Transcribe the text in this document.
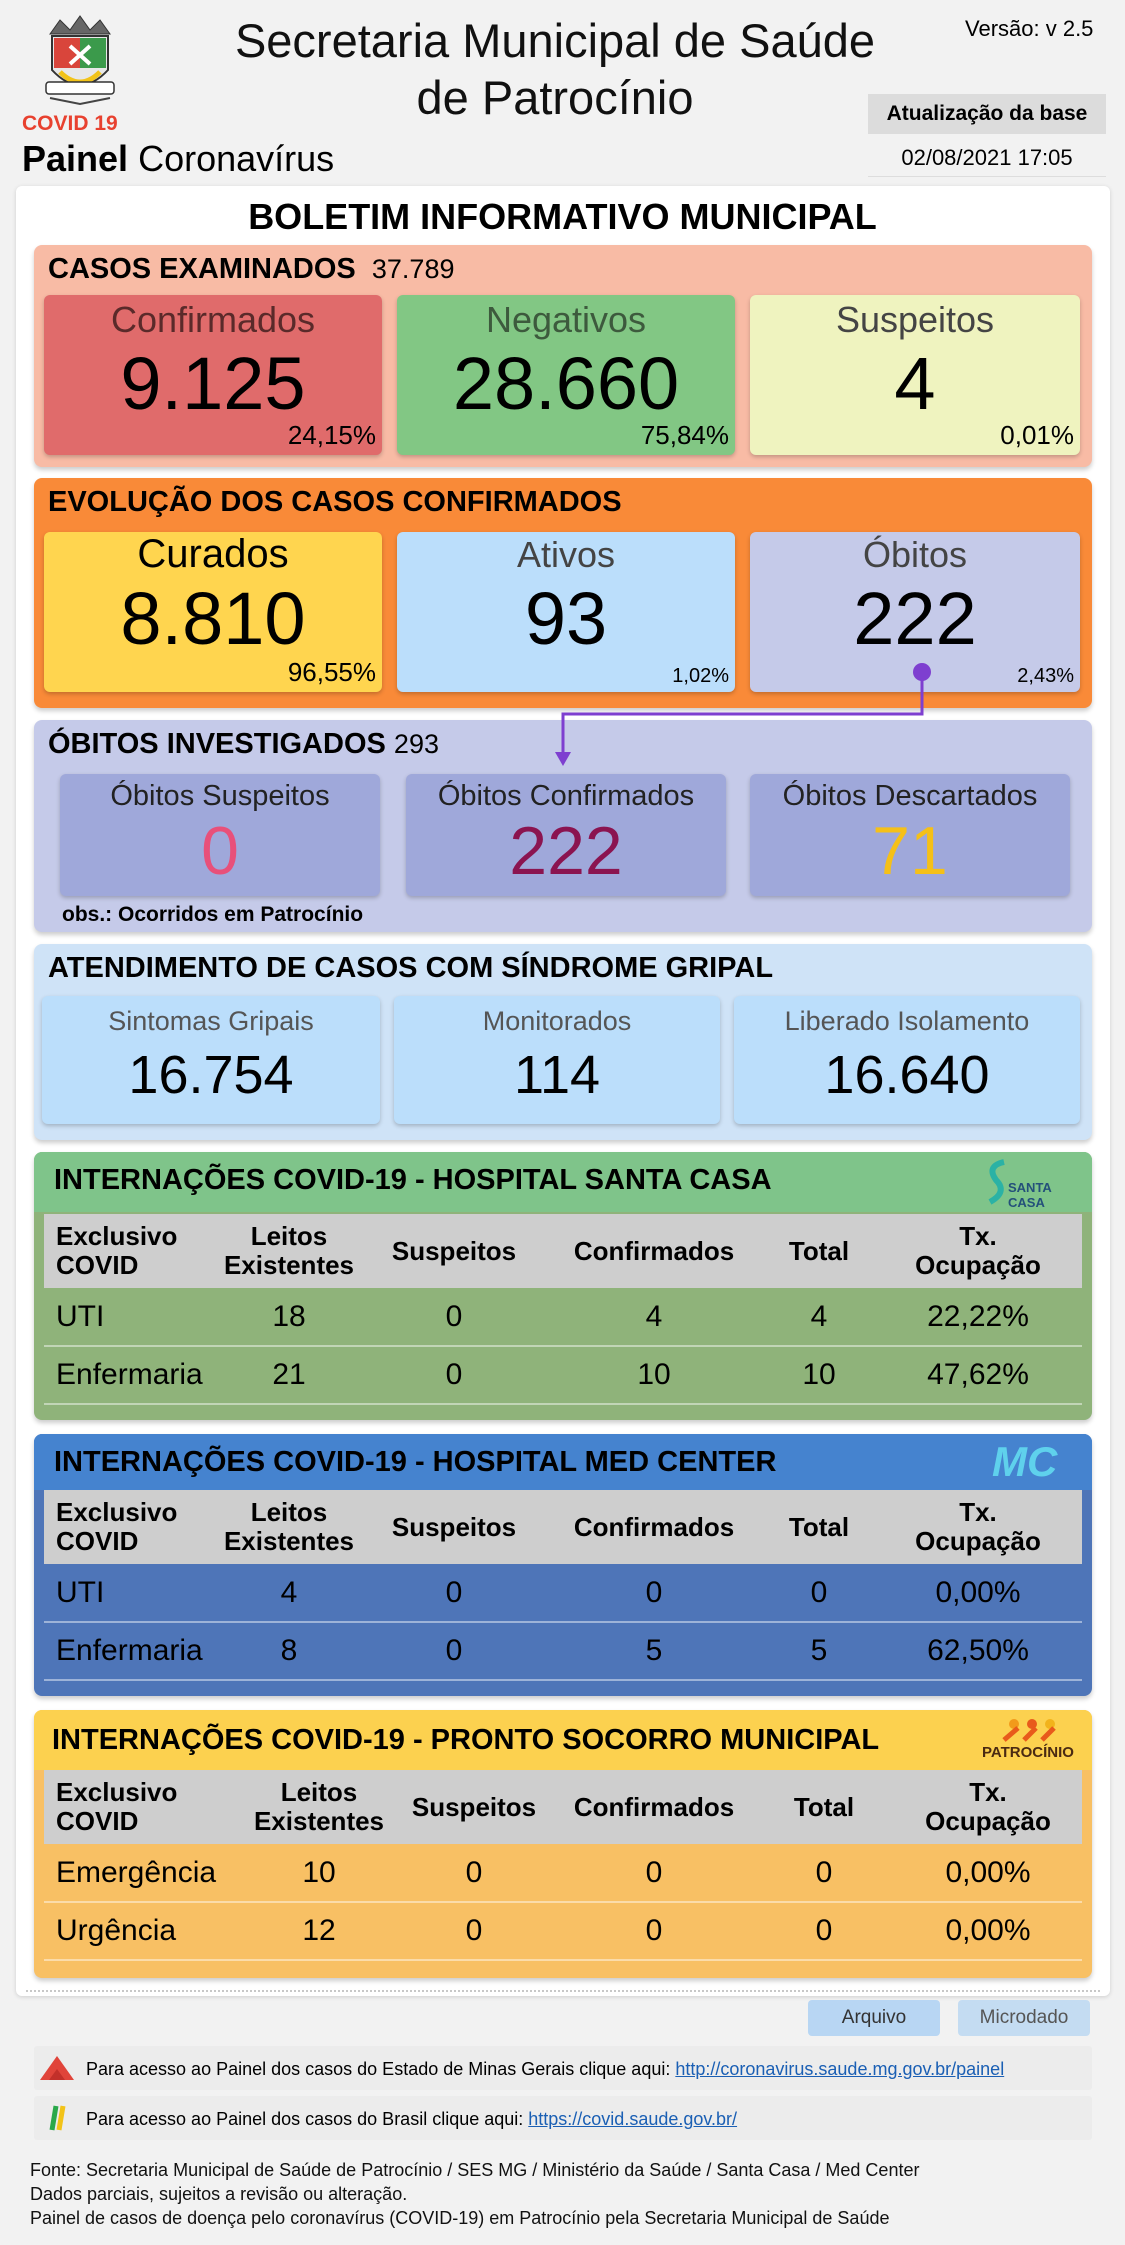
COVID 19
Painel Coronavírus
Secretaria Municipal de Saúde
de Patrocínio
Versão: v 2.5
Atualização da base
02/08/2021 17:05
BOLETIM INFORMATIVO MUNICIPAL
CASOS EXAMINADOS 37.789
Confirmados
9.125
24,15%
Negativos
28.660
75,84%
Suspeitos
4
0,01%
EVOLUÇÃO DOS CASOS CONFIRMADOS
Curados
8.810
96,55%
Ativos
93
1,02%
Óbitos
222
2,43%
ÓBITOS INVESTIGADOS 293
Óbitos Suspeitos
0
Óbitos Confirmados
222
Óbitos Descartados
71
obs.: Ocorridos em Patrocínio
ATENDIMENTO DE CASOS COM SÍNDROME GRIPAL
Sintomas Gripais
16.754
Monitorados
114
Liberado Isolamento
16.640
INTERNAÇÕES COVID-19 - HOSPITAL SANTA CASA	SANTA CASA
Exclusivo
COVID	Leitos
Existentes	Suspeitos	Confirmados	Total	Tx.
Ocupação
UTI	18	0	4	4	22,22%
Enfermaria	21	0	10	10	47,62%
INTERNAÇÕES COVID-19 - HOSPITAL MED CENTER	MC
Exclusivo
COVID	Leitos
Existentes	Suspeitos	Confirmados	Total	Tx.
Ocupação
UTI	4	0	0	0	0,00%
Enfermaria	8	0	5	5	62,50%
INTERNAÇÕES COVID-19 - PRONTO SOCORRO MUNICIPAL	PATROCÍNIO
Exclusivo
COVID	Leitos
Existentes	Suspeitos	Confirmados	Total	Tx.
Ocupação
Emergência	10	0	0	0	0,00%
Urgência	12	0	0	0	0,00%
Arquivo	Microdado
Para acesso ao Painel dos casos do Estado de Minas Gerais clique aqui: http://coronavirus.saude.mg.gov.br/painel
Para acesso ao Painel dos casos do Brasil clique aqui: https://covid.saude.gov.br/
Fonte: Secretaria Municipal de Saúde de Patrocínio / SES MG / Ministério da Saúde / Santa Casa / Med Center
Dados parciais, sujeitos a revisão ou alteração.
Painel de casos de doença pelo coronavírus (COVID-19) em Patrocínio pela Secretaria Municipal de Saúde
